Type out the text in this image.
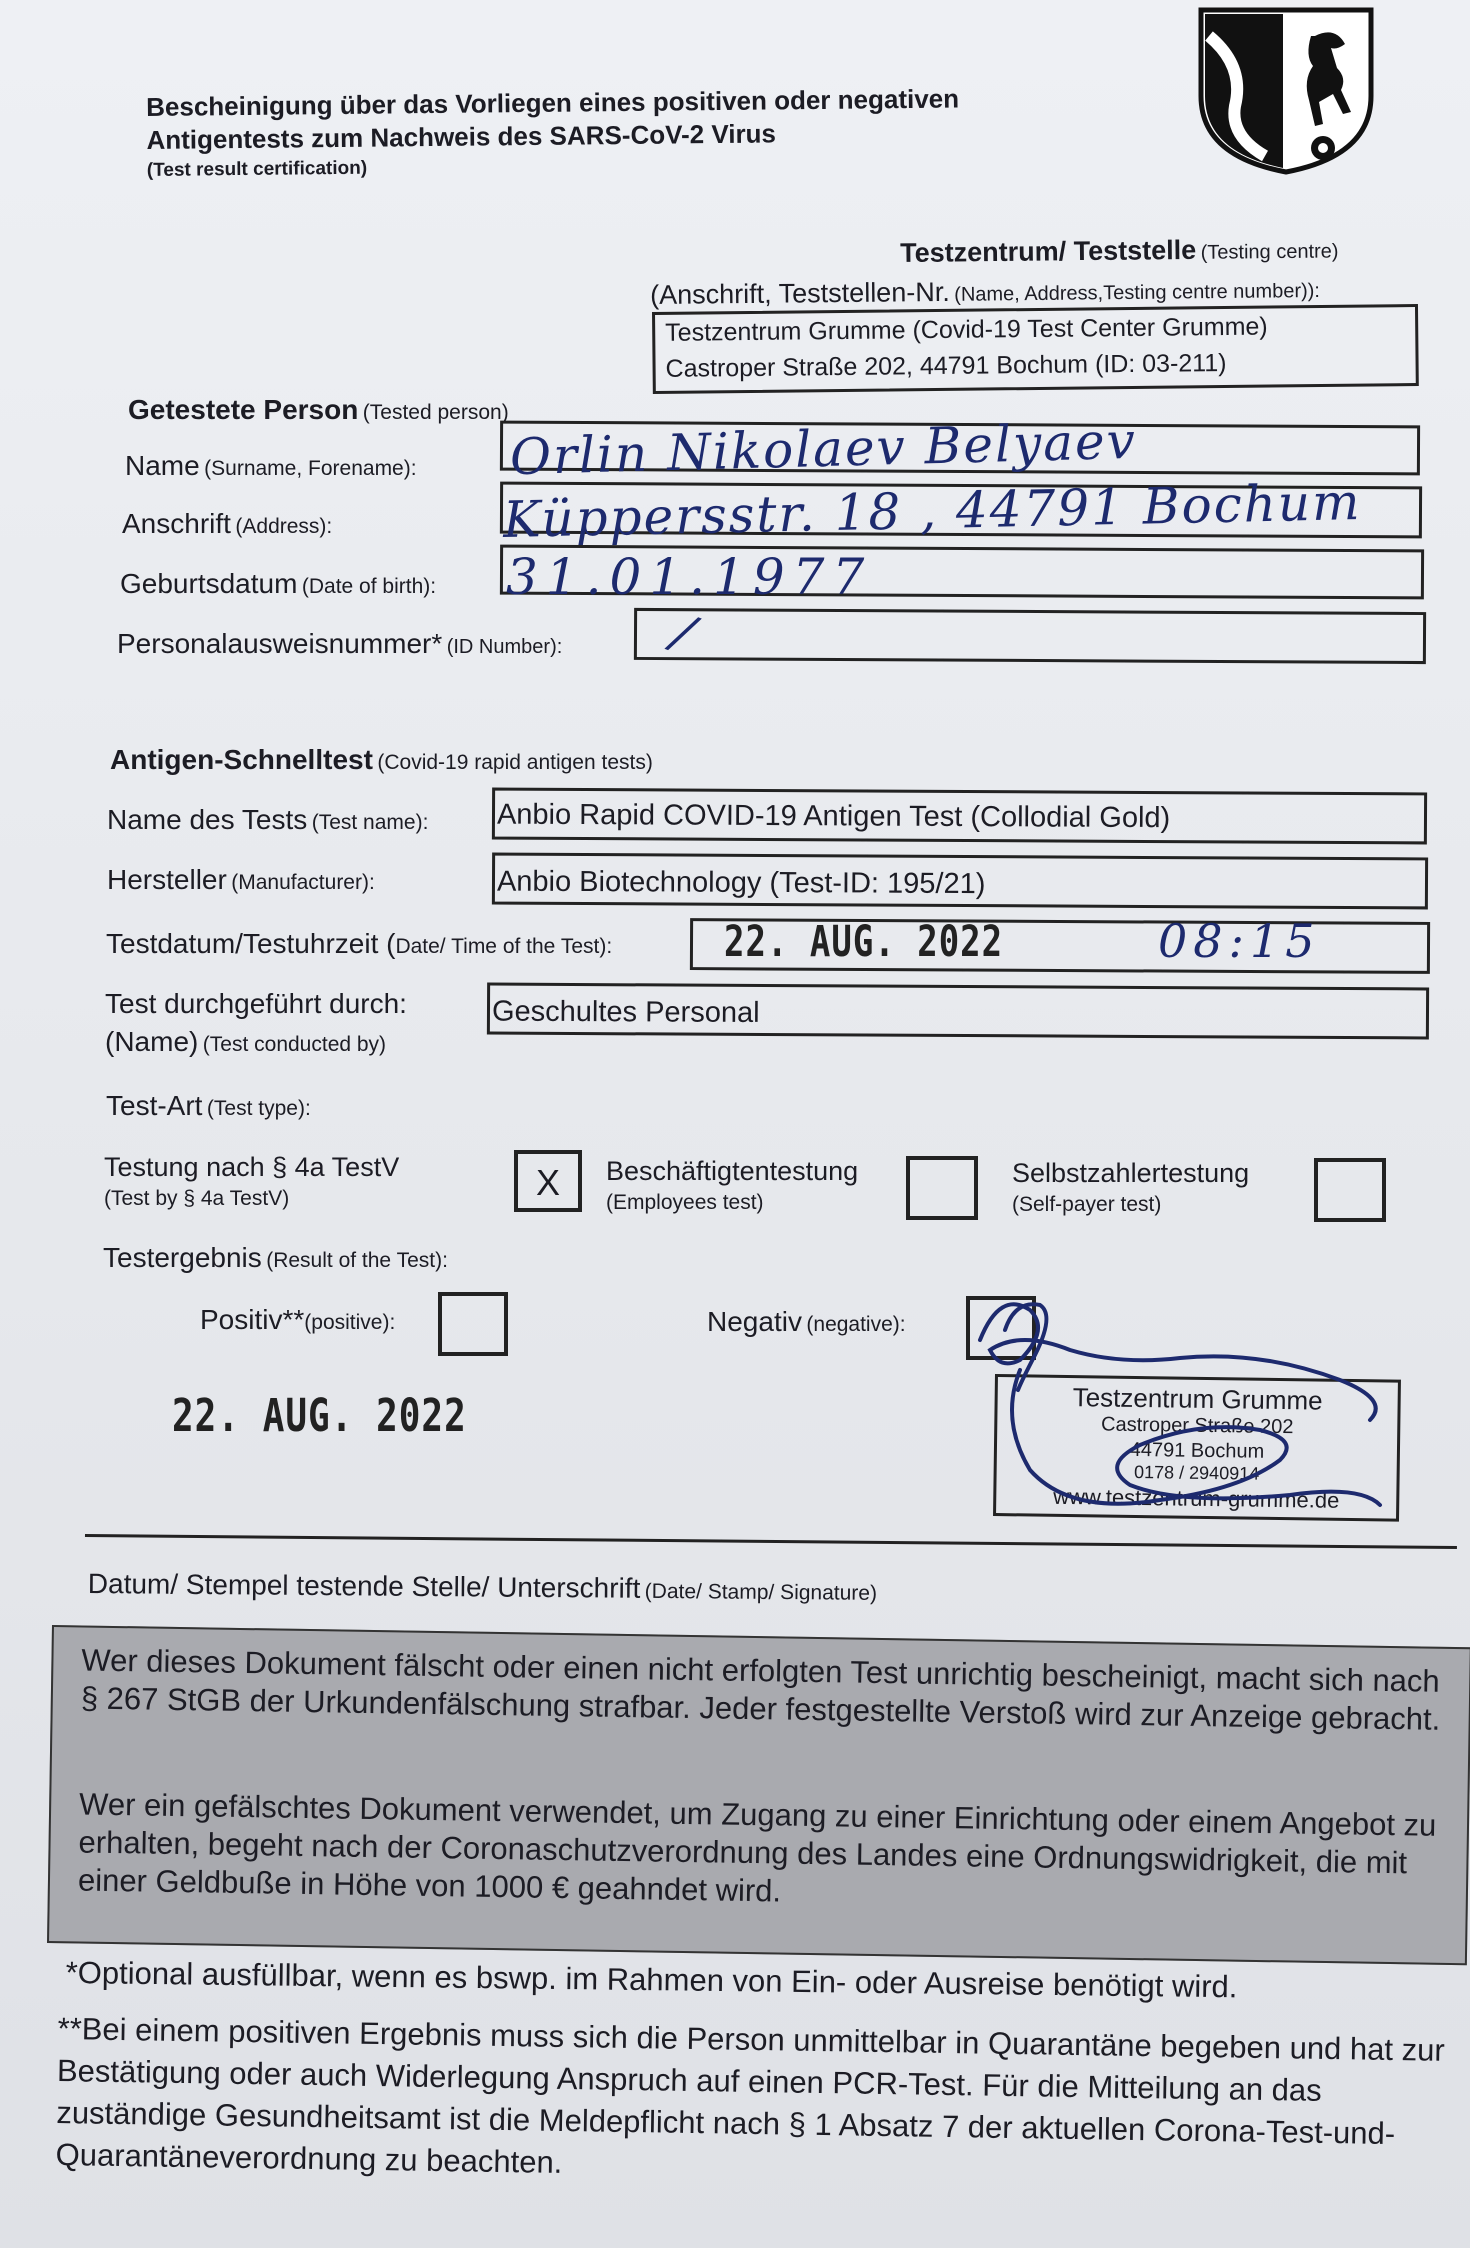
Bescheinigung über das Vorliegen eines positiven oder negativen
Antigentests zum Nachweis des SARS-CoV-2 Virus
(Test result certification)
Testzentrum/ Teststelle (Testing centre)
(Anschrift, Teststellen-Nr. (Name, Address,Testing centre number)):
Testzentrum Grumme (Covid-19 Test Center Grumme)
Castroper Straße 202, 44791 Bochum (ID: 03-211)
Getestete Person (Tested person)
Name (Surname, Forename): Orlin Nikolaev Belyaev
Anschrift (Address):	Küppersstr. 18 , 44791 Bochum
Geburtsdatum (Date of birth): 31.01.1977
Personalausweisnummer* (ID Number): /
Antigen-Schnelltest (Covid-19 rapid antigen tests)
Name des Tests (Test name): Anbio Rapid COVID-19 Antigen Test (Collodial Gold)
Hersteller (Manufacturer):	Anbio Biotechnology (Test-ID: 195/21)
Testdatum/Testuhrzeit (Date/ Time of the Test):	22. AUG. 2022	08:15
Test durchgeführt durch:
(Name) (Test conducted by)
Geschultes Personal
Test-Art (Test type):
Testung nach § 4a TestV
(Test by § 4a TestV)	X	Beschäftigtentestung
(Employees test)
Selbstzahlertestung
(Self-payer test)
Testergebnis (Result of the Test):
Positiv**(positive):	Negativ (negative):
22. AUG. 2022	Testzentrum Grumme
Castroper Straße 202
44791 Bochum
0178 / 2940914
www.testzentrum-grumme.de
Datum/ Stempel testende Stelle/ Unterschrift (Date/ Stamp/ Signature)

Wer dieses Dokument fälscht oder einen nicht erfolgten Test unrichtig bescheinigt, macht sich nach § 267 StGB der Urkundenfälschung strafbar. Jeder festgestellte Verstoß wird zur Anzeige gebracht.

Wer ein gefälschtes Dokument verwendet, um Zugang zu einer Einrichtung oder einem Angebot zu erhalten, begeht nach der Coronaschutzverordnung des Landes eine Ordnungswidrigkeit, die mit einer Geldbuße in Höhe von 1000 € geahndet wird.

*Optional ausfüllbar, wenn es bswp. im Rahmen von Ein- oder Ausreise benötigt wird.
**Bei einem positiven Ergebnis muss sich die Person unmittelbar in Quarantäne begeben und hat zur Bestätigung oder auch Widerlegung Anspruch auf einen PCR-Test. Für die Mitteilung an das zuständige Gesundheitsamt ist die Meldepflicht nach § 1 Absatz 7 der aktuellen Corona-Test-und-Quarantäneverordnung zu beachten.
